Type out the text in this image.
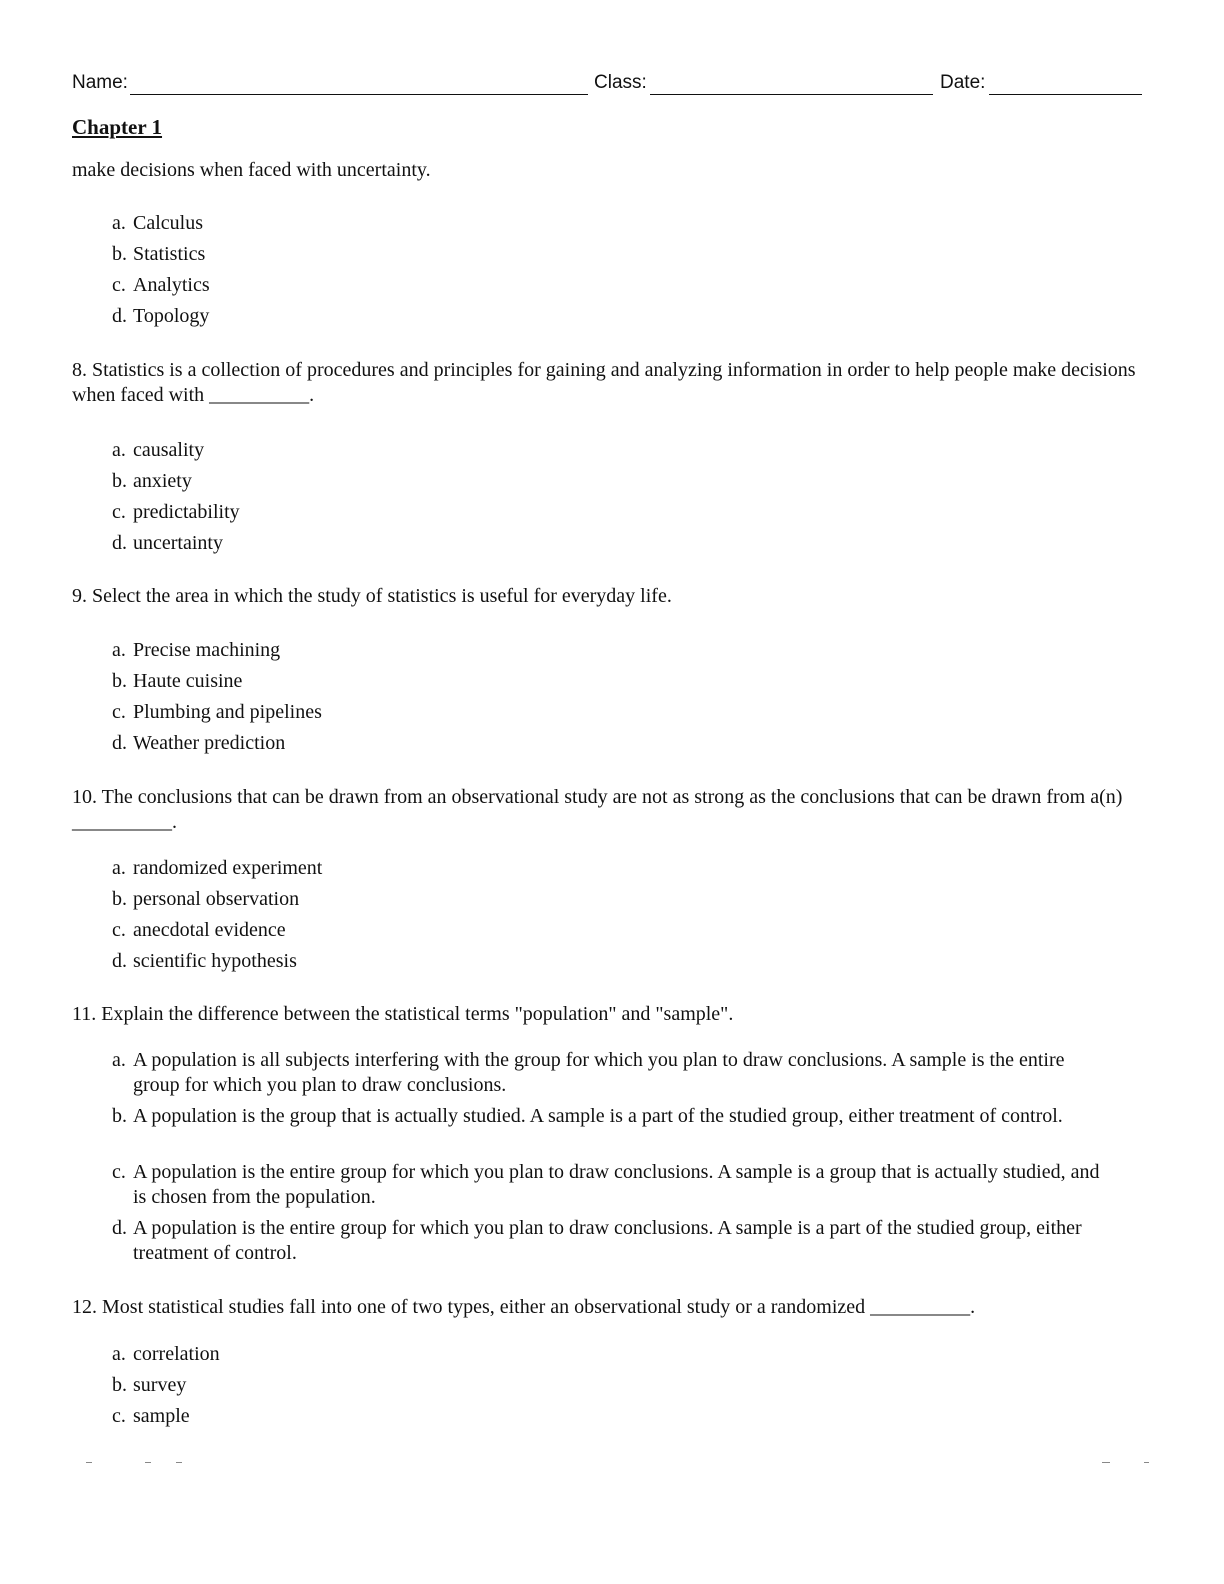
Name:	Class:	Date:
Chapter 1
make decisions when faced with uncertainty.
a. Calculus
b. Statistics
c. Analytics
d. Topology
8. Statistics is a collection of procedures and principles for gaining and analyzing information in order to help people make decisions when faced with __________.
a. causality
b. anxiety
c. predictability
d. uncertainty
9. Select the area in which the study of statistics is useful for everyday life.
a. Precise machining
b. Haute cuisine
c. Plumbing and pipelines
d. Weather prediction
10. The conclusions that can be drawn from an observational study are not as strong as the conclusions that can be drawn from a(n) __________.
a. randomized experiment
b. personal observation
c. anecdotal evidence
d. scientific hypothesis
11. Explain the difference between the statistical terms "population" and "sample".
a. A population is all subjects interfering with the group for which you plan to draw conclusions. A sample is the entire group for which you plan to draw conclusions.
b. A population is the group that is actually studied. A sample is a part of the studied group, either treatment of control.
c. A population is the entire group for which you plan to draw conclusions. A sample is a group that is actually studied, and is chosen from the population.
d. A population is the entire group for which you plan to draw conclusions. A sample is a part of the studied group, either treatment of control.
12. Most statistical studies fall into one of two types, either an observational study or a randomized __________.
a. correlation
b. survey
c. sample
